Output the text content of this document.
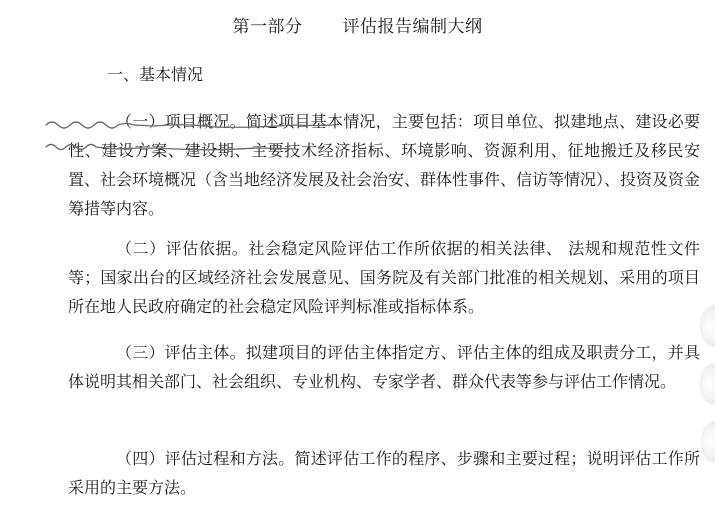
第一部分 评估报告编制大纲
一、基本情况
（一）项目概况。简述项目基本情况，主要包括：项目单位、拟建地点、建设必要性、建设方案、建设期、主要技术经济指标、环境影响、资源利用、征地搬迁及移民安置、社会环境概况（含当地经济发展及社会治安、群体性事件、信访等情况）、投资及资金筹措等内容。
（二）评估依据。社会稳定风险评估工作所依据的相关法律、 法规和规范性文件等；国家出台的区域经济社会发展意见、国务院及有关部门批准的相关规划、采用的项目所在地人民政府确定的社会稳定风险评判标准或指标体系。
（三）评估主体。拟建项目的评估主体指定方、评估主体的组成及职责分工，并具体说明其相关部门、社会组织、专业机构、专家学者、群众代表等参与评估工作情况。
（四）评估过程和方法。简述评估工作的程序、步骤和主要过程；说明评估工作所采用的主要方法。
